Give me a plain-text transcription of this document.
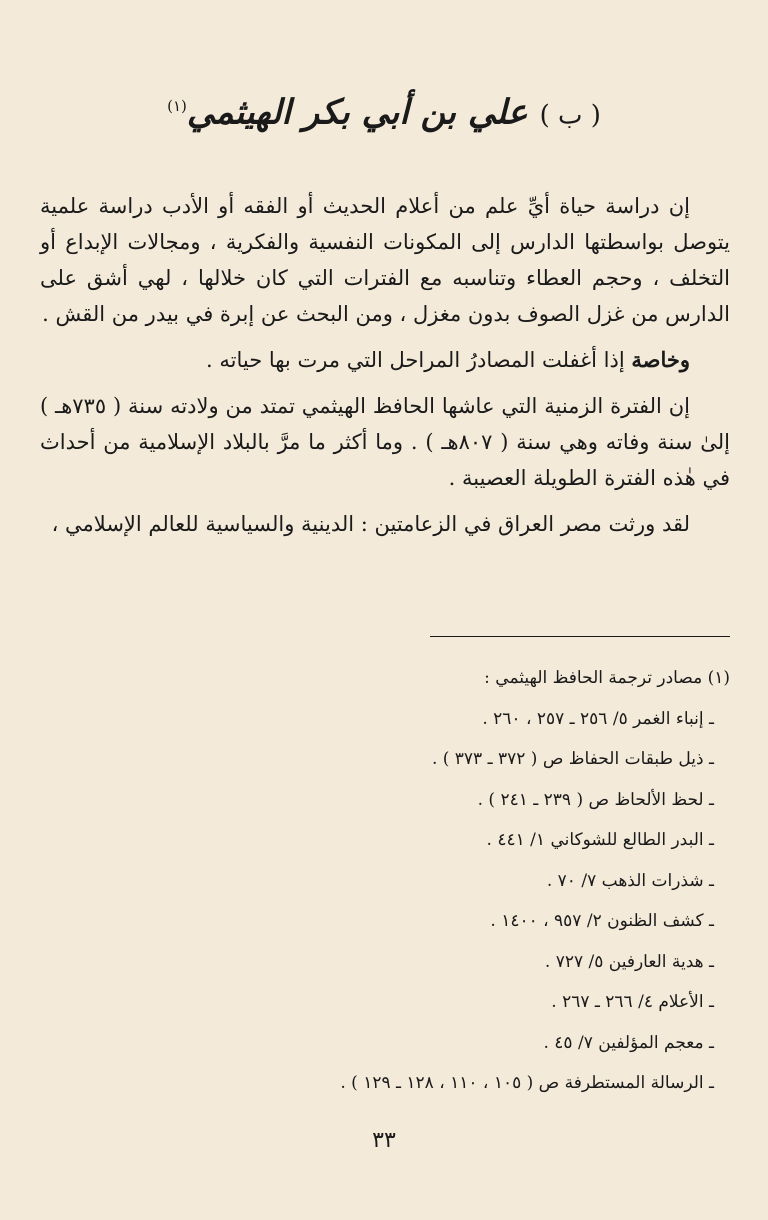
( ب ) علي بن أبي بكر الهيثمي$^{(١)}$

إن دراسة حياة أيِّ علم من أعلام الحديث أو الفقه أو الأدب دراسة علمية يتوصل بواسطتها الدارس إلى المكونات النفسية والفكرية ، ومجالات الإبداع أو التخلف ، وحجم العطاء وتناسبه مع الفترات التي كان خلالها ، لهي أشق على الدارس من غزل الصوف بدون مغزل ، ومن البحث عن إبرة في بيدر من القش .

وخاصة إذا أغفلت المصادرُ المراحل التي مرت بها حياته .

إن الفترة الزمنية التي عاشها الحافظ الهيثمي تمتد من ولادته سنة ( ٧٣٥هـ ) إلىٰ سنة وفاته وهي سنة ( ٨٠٧هـ ) . وما أكثر ما مرَّ بالبلاد الإسلامية من أحداث في هٰذه الفترة الطويلة العصيبة .

لقد ورثت مصر العراق في الزعامتين : الدينية والسياسية للعالم الإسلامي ،

(١) مصادر ترجمة الحافظ الهيثمي :
ـ إنباء الغمر ٥/ ٢٥٦ ـ ٢٥٧ ، ٢٦٠ .
ـ ذيل طبقات الحفاظ ص ( ٣٧٢ ـ ٣٧٣ ) .
ـ لحظ الألحاظ ص ( ٢٣٩ ـ ٢٤١ ) .
ـ البدر الطالع للشوكاني ١/ ٤٤١ .
ـ شذرات الذهب ٧/ ٧٠ .
ـ كشف الظنون ٢/ ٩٥٧ ، ١٤٠٠ .
ـ هدية العارفين ٥/ ٧٢٧ .
ـ الأعلام ٤/ ٢٦٦ ـ ٢٦٧ .
ـ معجم المؤلفين ٧/ ٤٥ .
ـ الرسالة المستطرفة ص ( ١٠٥ ، ١١٠ ، ١٢٨ ـ ١٢٩ ) .
٣٣
